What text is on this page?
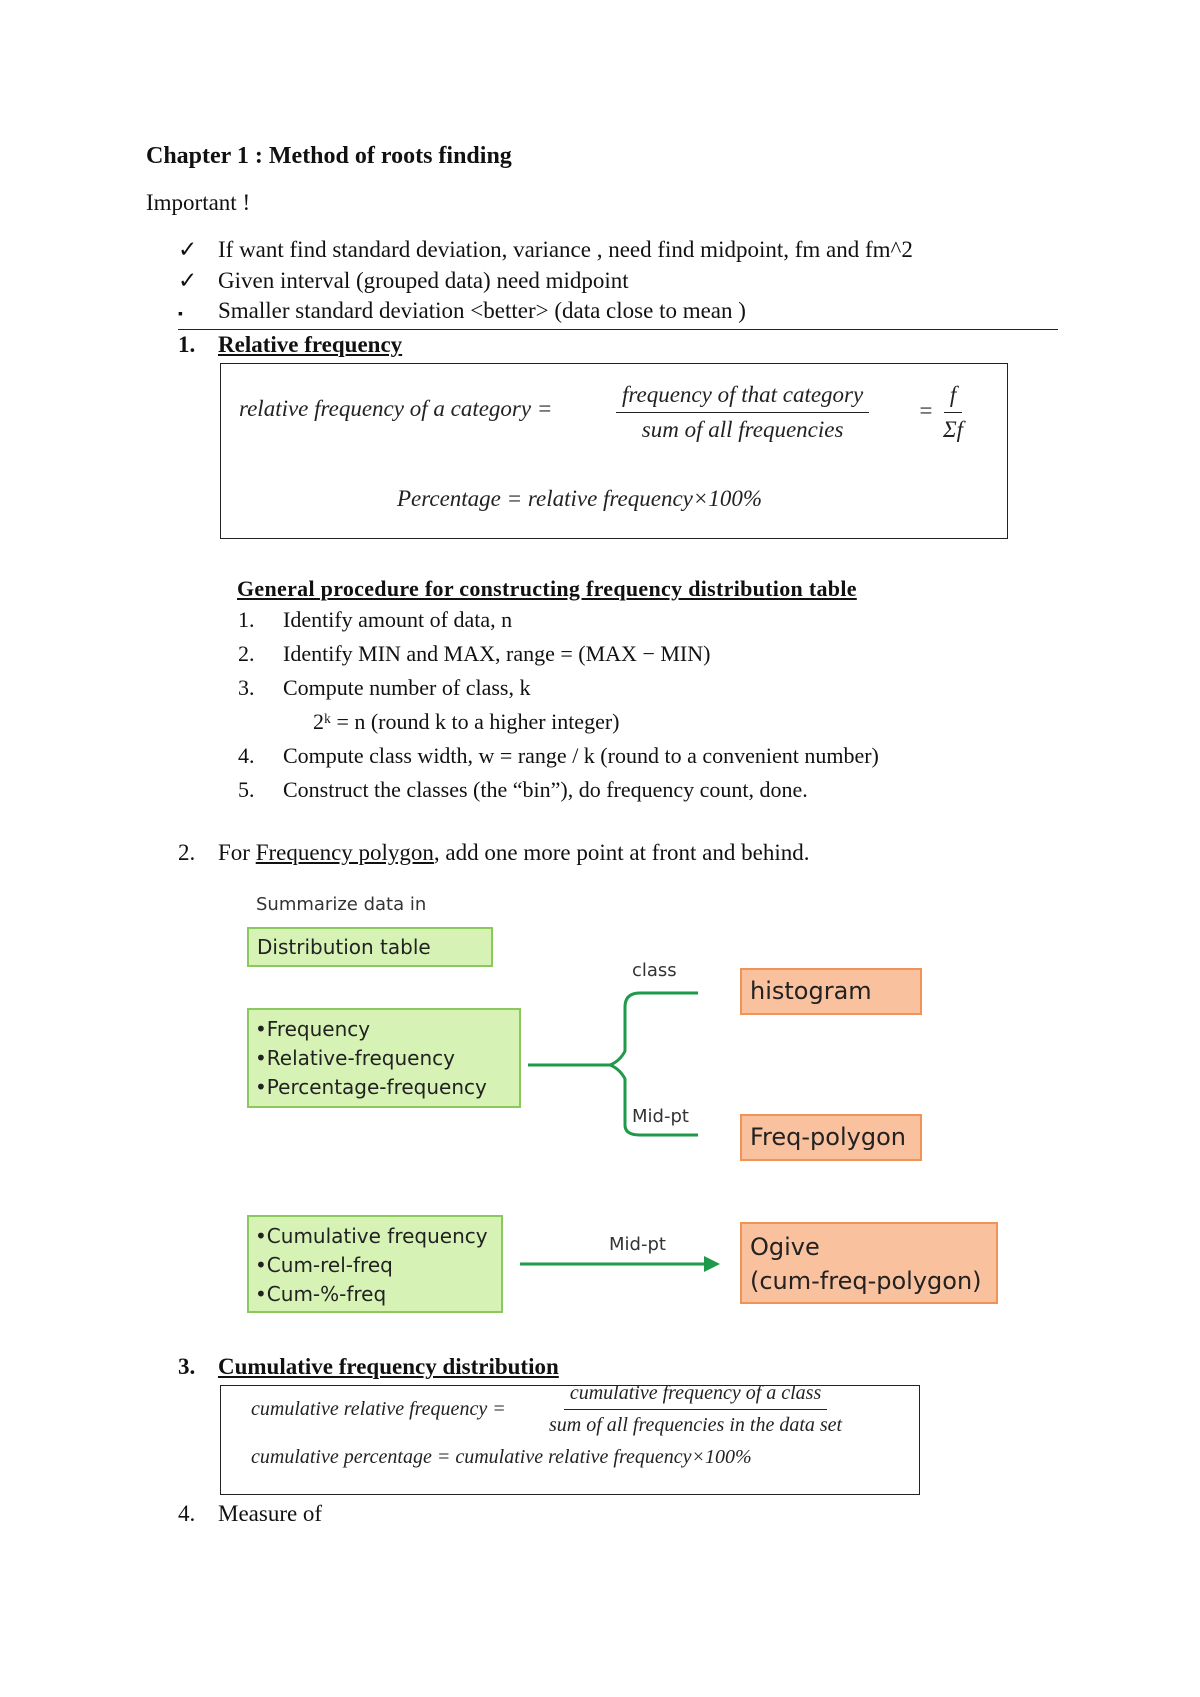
Chapter 1 : Method of roots finding
Important !
✓ If want find standard deviation, variance , need find midpoint, fm and fm^2
✓ Given interval (grouped data) need midpoint
▪ Smaller standard deviation <better> (data close to mean )
1. Relative frequency
relative frequency of a category =	$\frac{\text{frequency of that category}}{\text{sum of all frequencies}} = \frac{f}{\Sigma f}$
Percentage = relative frequency×100%
General procedure for constructing frequency distribution table
1. Identify amount of data, n
2. Identify MIN and MAX, range = (MAX − MIN)
3. Compute number of class, k
2ᵏ = n (round k to a higher integer)
4. Compute class width, w = range / k (round to a convenient number)
5. Construct the classes (the “bin”), do frequency count, done.
2. For Frequency polygon, add one more point at front and behind.
Summarize data in
Distribution table
•Frequency
•Relative-frequency
•Percentage-frequency
class
Mid-pt
histogram
Freq-polygon
•Cumulative frequency
•Cum-rel-freq
•Cum-%-freq
Mid-pt	Ogive
(cum-freq-polygon)
3. Cumulative frequency distribution
cumulative relative frequency = $\frac{\text{cumulative frequency of a class}}{\text{sum of all frequencies in the data set}}$
cumulative percentage = cumulative relative frequency×100%
4. Measure of
